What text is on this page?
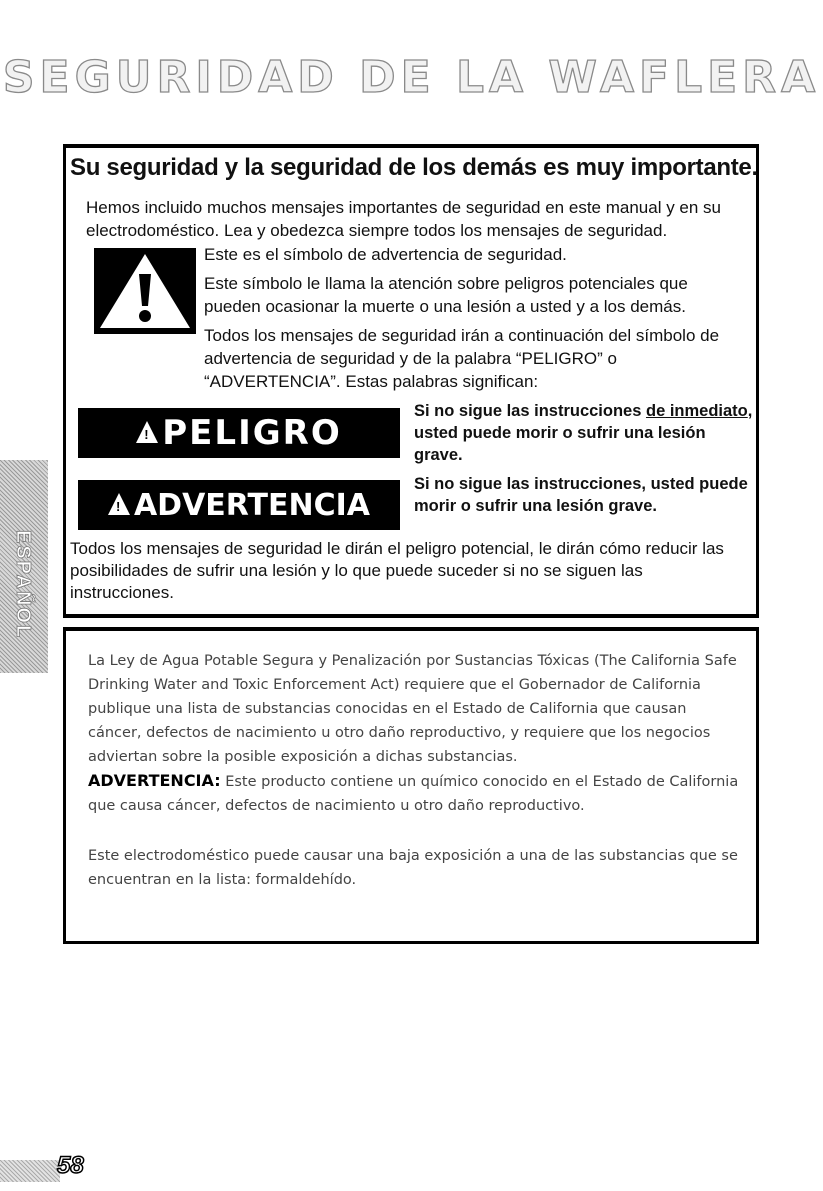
SEGURIDAD DE LA WAFLERA
ESPAÑOL
Su seguridad y la seguridad de los demás es muy importante.
Hemos incluido muchos mensajes importantes de seguridad en este manual y en su electrodoméstico. Lea y obedezca siempre todos los mensajes de seguridad.
Este es el símbolo de advertencia de seguridad.
Este símbolo le llama la atención sobre peligros potenciales que pueden ocasionar la muerte o una lesión a usted y a los demás.
Todos los mensajes de seguridad irán a continuación del símbolo de advertencia de seguridad y de la palabra “PELIGRO” o “ADVERTENCIA”. Estas palabras significan:
!
PELIGRO
Si no sigue las instrucciones de inmediato, usted puede morir o sufrir una lesión grave.
!
ADVERTENCIA
Si no sigue las instrucciones, usted puede morir o sufrir una lesión grave.
Todos los mensajes de seguridad le dirán el peligro potencial, le dirán cómo reducir las posibilidades de sufrir una lesión y lo que puede suceder si no se siguen las instrucciones.

La Ley de Agua Potable Segura y Penalización por Sustancias Tóxicas (The California Safe Drinking Water and Toxic Enforcement Act) requiere que el Gobernador de California publique una lista de substancias conocidas en el Estado de California que causan cáncer, defectos de nacimiento u otro daño reproductivo, y requiere que los negocios adviertan sobre la posible exposición a dichas substancias.

ADVERTENCIA: Este producto contiene un químico conocido en el Estado de California que causa cáncer, defectos de nacimiento u otro daño reproductivo.

Este electrodoméstico puede causar una baja exposición a una de las substancias que se encuentran en la lista: formaldehído.

58
